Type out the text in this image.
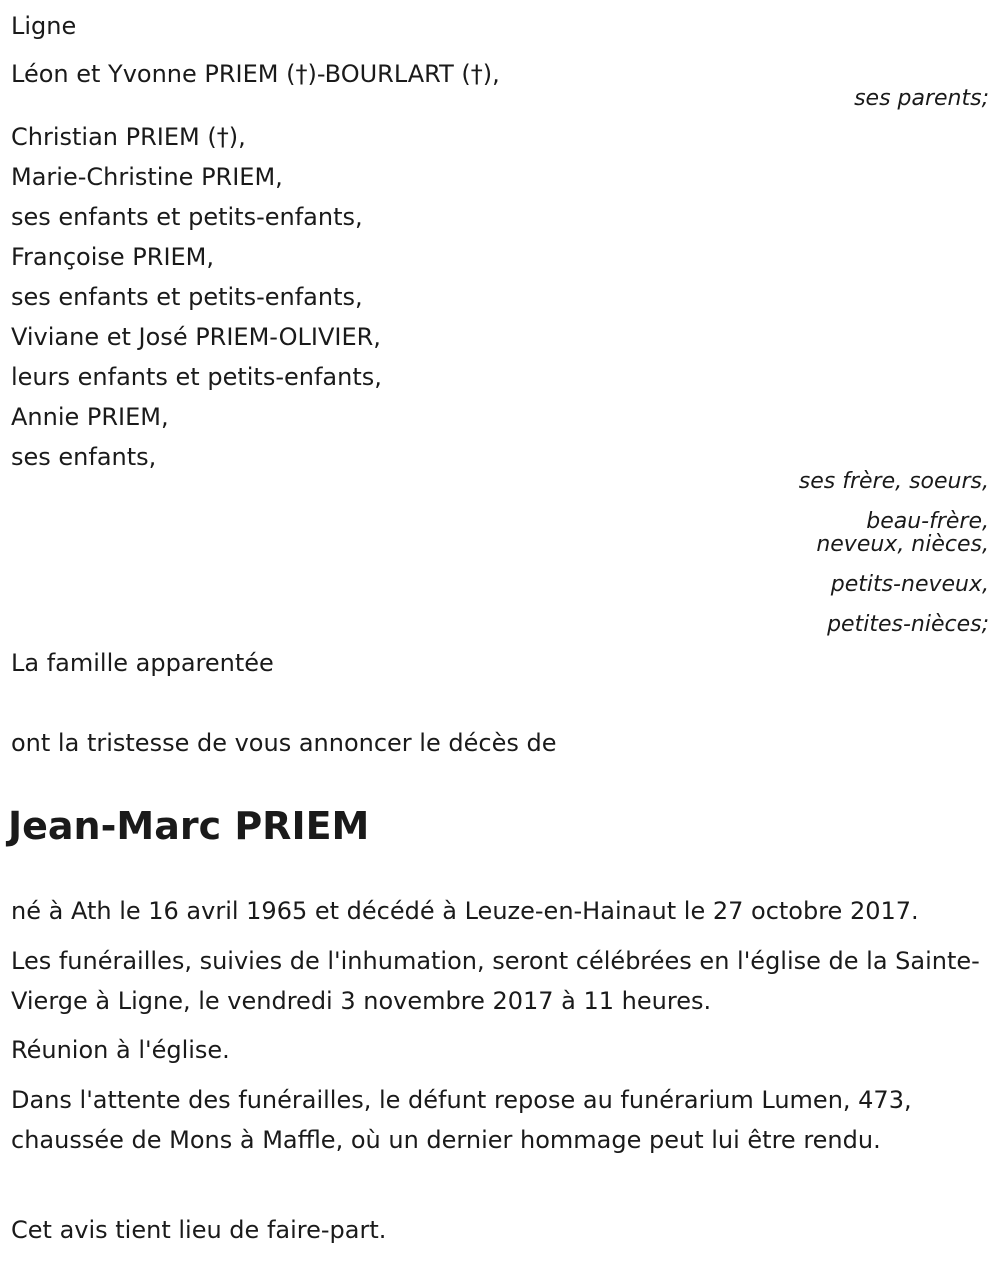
Ligne
Léon et Yvonne PRIEM (†)-BOURLART (†),
ses parents;
Christian PRIEM (†),
Marie-Christine PRIEM,
ses enfants et petits-enfants,
Françoise PRIEM,
ses enfants et petits-enfants,
Viviane et José PRIEM-OLIVIER,
leurs enfants et petits-enfants,
Annie PRIEM,
ses enfants,
ses frère, soeurs,
beau-frère,
neveux, nièces,
petits-neveux,
petites-nièces;
La famille apparentée
ont la tristesse de vous annoncer le décès de
Jean-Marc PRIEM
né à Ath le 16 avril 1965 et décédé à Leuze-en-Hainaut le 27 octobre 2017.
Les funérailles, suivies de l'inhumation, seront célébrées en l'église de la Sainte-Vierge à Ligne, le vendredi 3 novembre 2017 à 11 heures.
Réunion à l'église.
Dans l'attente des funérailles, le défunt repose au funérarium Lumen, 473, chaussée de Mons à Maffle, où un dernier hommage peut lui être rendu.
Cet avis tient lieu de faire-part.
